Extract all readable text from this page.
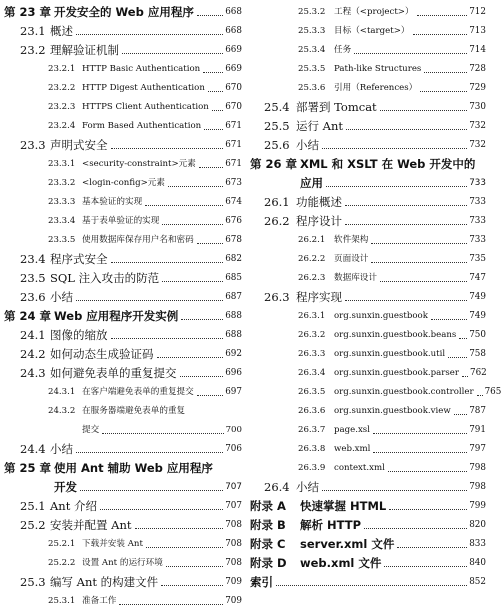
第 23 章 开发安全的 Web 应用程序	668
23.1 概述	668
23.2 理解验证机制	669
23.2.1 HTTP Basic Authentication	669
23.2.2 HTTP Digest Authentication 670
23.2.3 HTTPS Client Authentication 670
23.2.4 Form Based Authentication	671
23.3 声明式安全	671
23.3.1 <security-constraint>元素	671
23.3.2 <login-config>元素	673
23.3.3 基本验证的实现	674
23.3.4 基于表单验证的实现	676
23.3.5 使用数据库保存用户名和密码	678
23.4 程序式安全	682
23.5 SQL 注入攻击的防范	685
23.6 小结	687
第 24 章 Web 应用程序开发实例	688
24.1 图像的缩放	688
24.2 如何动态生成验证码	692
24.3 如何避免表单的重复提交	696
24.3.1 在客户端避免表单的重复提交	697
24.3.2 在服务器端避免表单的重复
提交	700
24.4 小结	706
第 25 章 使用 Ant 辅助 Web 应用程序
开发	707
25.1 Ant 介绍	707
25.2 安装并配置 Ant	708
25.2.1 下载并安装 Ant	708
25.2.2 设置 Ant 的运行环境	708
25.3 编写 Ant 的构建文件	709
25.3.1 准备工作	709
25.3.2	工程（<project>）	712
25.3.3	目标（<target>）	713
25.3.4	任务	714
25.3.5	Path-like Structures	728
25.3.6	引用（References）	729
25.4 部署到 Tomcat	730
25.5 运行 Ant	732
25.6 小结	732
第 26 章 XML 和 XSLT 在 Web 开发中的
应用	733
26.1 功能概述	733
26.2 程序设计	733
26.2.1	软件架构	733
26.2.2	页面设计	735
26.2.3	数据库设计	747
26.3 程序实现	749
26.3.1	org.sunxin.guestbook	749
26.3.2	org.sunxin.guestbook.beans 750
26.3.3	org.sunxin.guestbook.util	758
26.3.4	org.sunxin.guestbook.parser 762
26.3.5	org.sunxin.guestbook.controller 765
26.3.6	org.sunxin.guestbook.view 787
26.3.7	page.xsl	791
26.3.8	web.xml	797
26.3.9	context.xml	798
26.4 小结	798
附录 A	快速掌握 HTML	799
附录 B	解析 HTTP	820
附录 C	server.xml 文件	833
附录 D	web.xml 文件	840
索引	852
